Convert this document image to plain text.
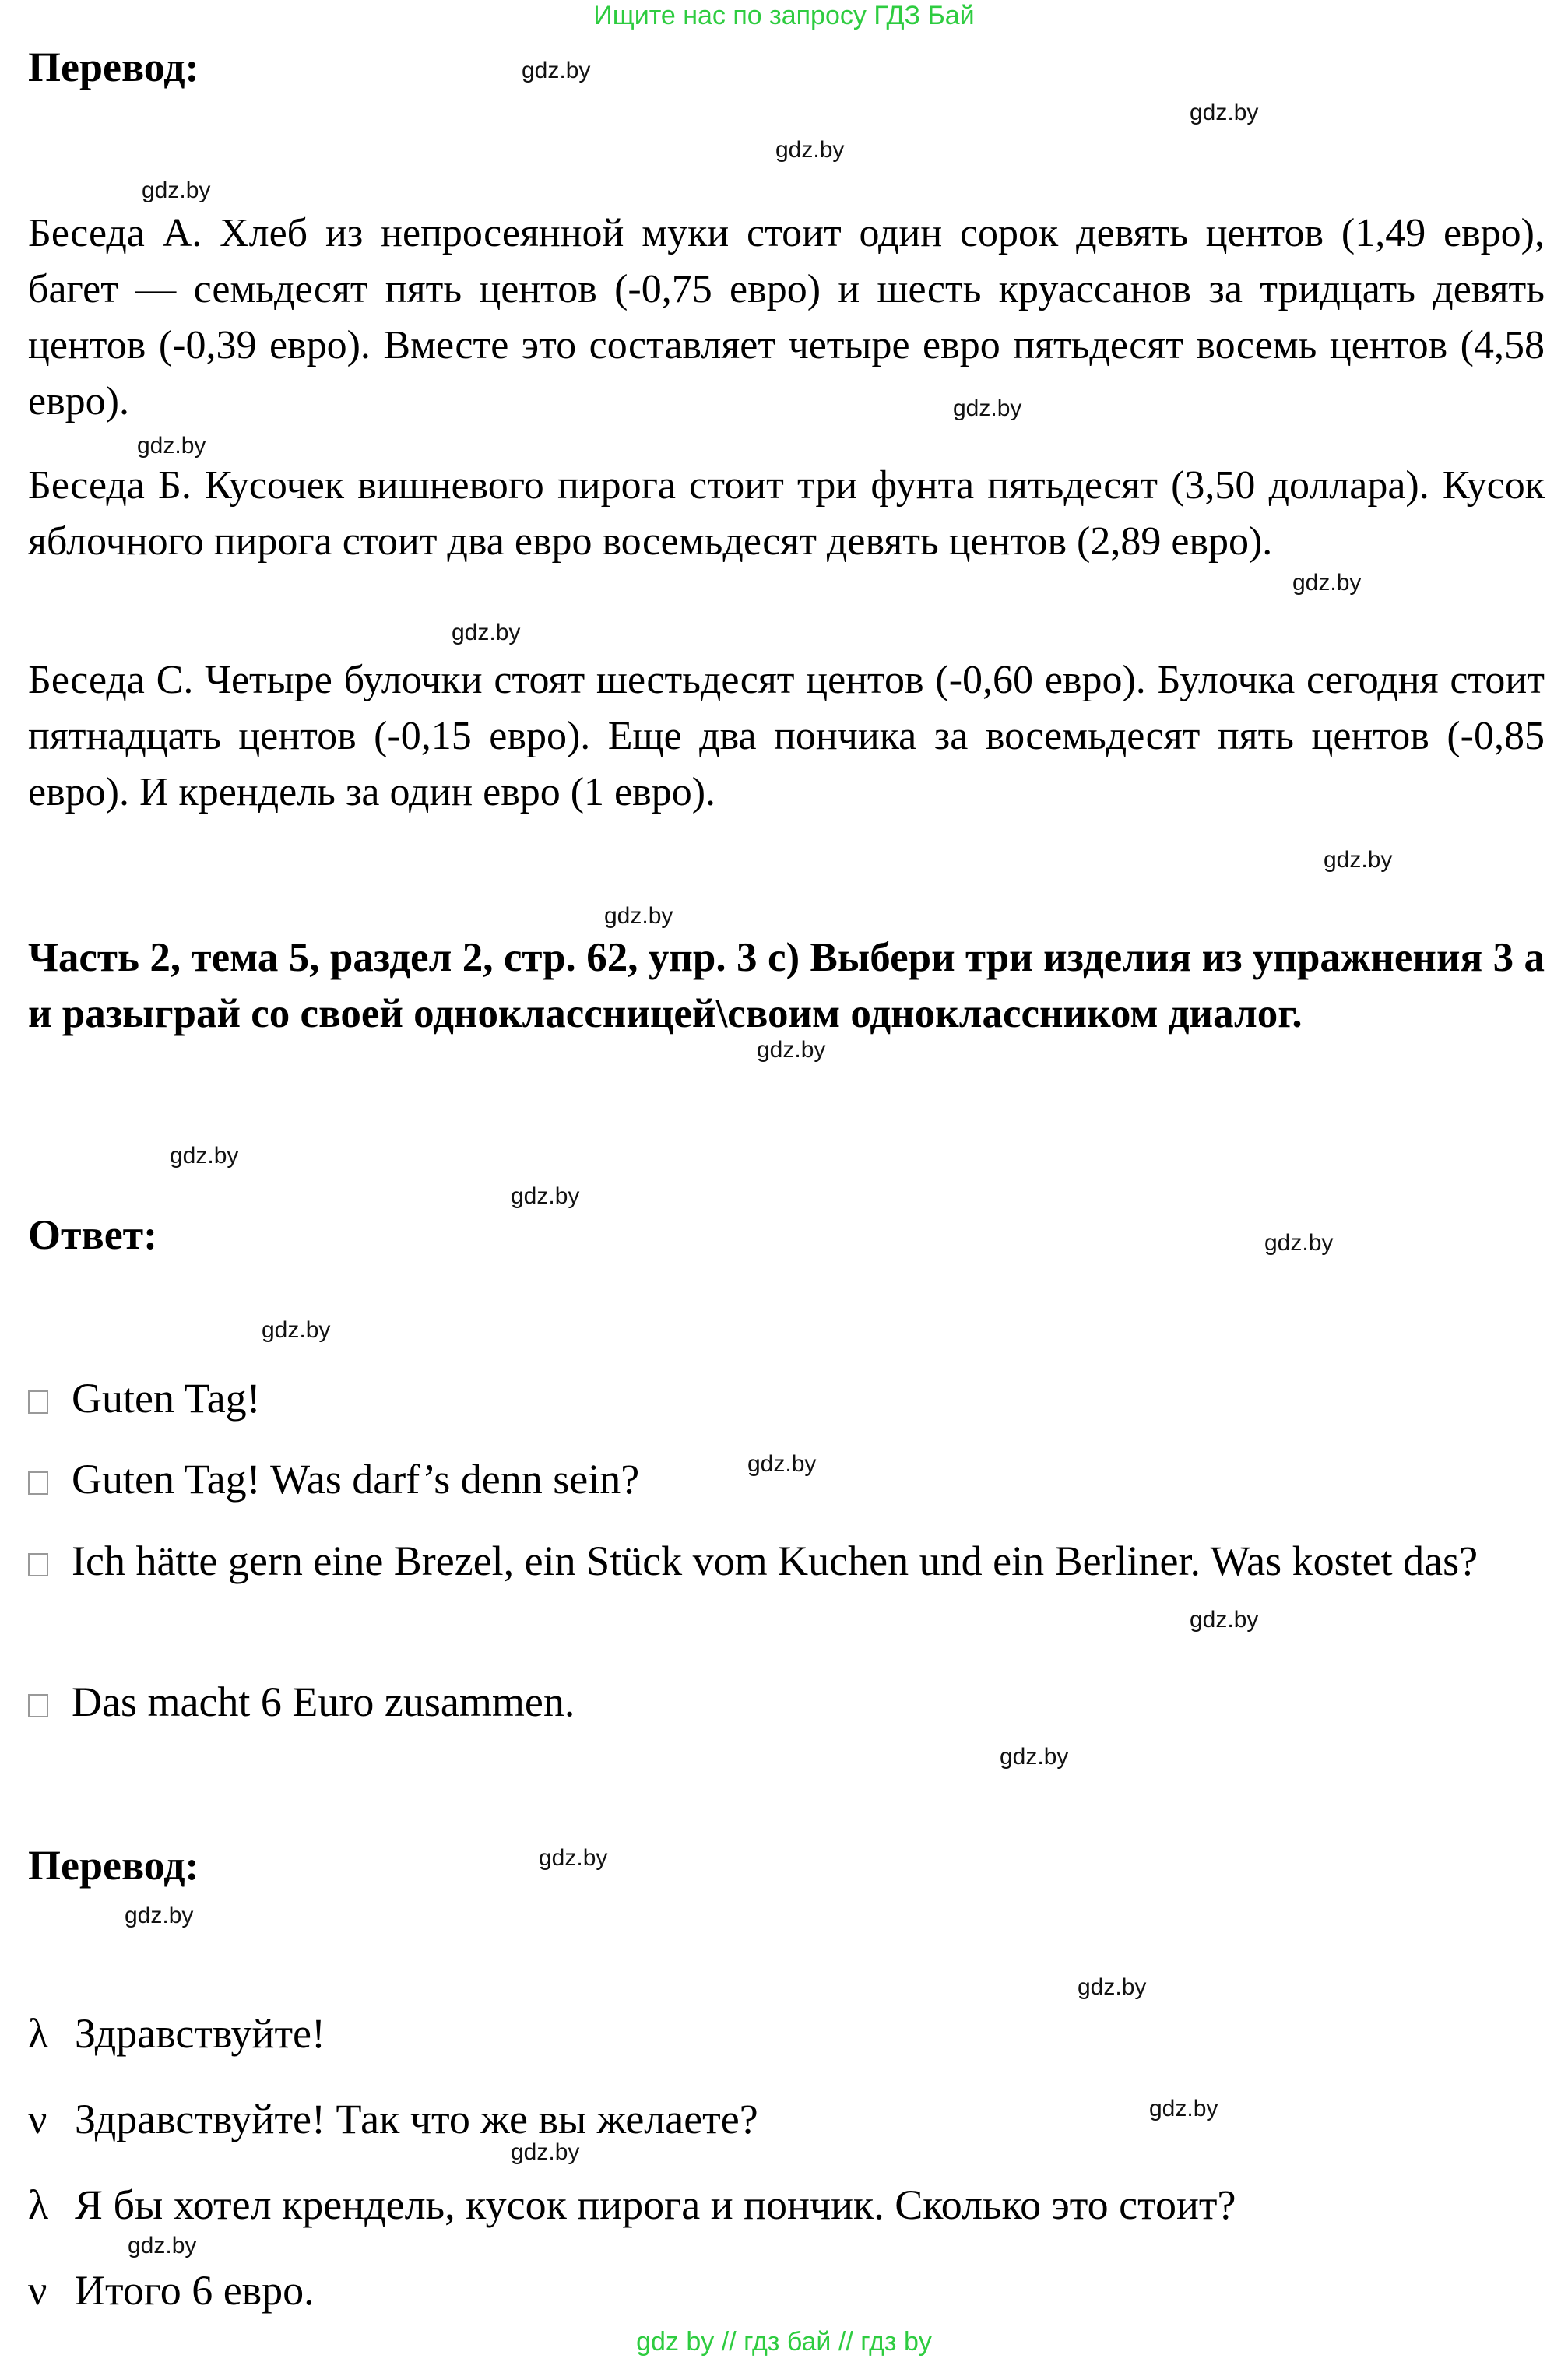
Ищите нас по запросу ГДЗ Бай
Перевод:
Беседа А. Хлеб из непросеянной муки стоит один сорок девять центов (1,49 евро), багет — семьдесят пять центов (-0,75 евро) и шесть круассанов за тридцать девять центов (-0,39 евро). Вместе это составляет четыре евро пятьдесят восемь центов (4,58 евро).
Беседа Б. Кусочек вишневого пирога стоит три фунта пятьдесят (3,50 доллара). Кусок яблочного пирога стоит два евро восемьдесят девять центов (2,89 евро).
Беседа С. Четыре булочки стоят шестьдесят центов (-0,60 евро). Булочка сегодня стоит пятнадцать центов (-0,15 евро). Еще два пончика за восемьдесят пять центов (-0,85 евро). И крендель за один евро (1 евро).
Часть 2, тема 5, раздел 2, стр. 62, упр. 3 c) Выбери три изделия из упражнения 3 а и разыграй со своей одноклассницей\своим одноклассником диалог.
Ответ:
Guten Tag!
Guten Tag! Was darf’s denn sein?
Ich hätte gern eine Brezel, ein Stück vom Kuchen und ein Berliner. Was kostet das?
Das macht 6 Euro zusammen.
Перевод:
λ Здравствуйте!
ν Здравствуйте! Так что же вы желаете?
λ Я бы хотел крендель, кусок пирога и пончик. Сколько это стоит?
ν Итого 6 евро.
gdz.by
gdz.by
gdz.by
gdz.by
gdz.by
gdz.by
gdz.by
gdz.by
gdz.by
gdz.by
gdz.by
gdz.by
gdz.by
gdz.by
gdz.by
gdz.by
gdz.by
gdz.by
gdz.by
gdz.by
gdz.by
gdz.by
gdz.by
gdz.by
gdz by // гдз бай // гдз by
